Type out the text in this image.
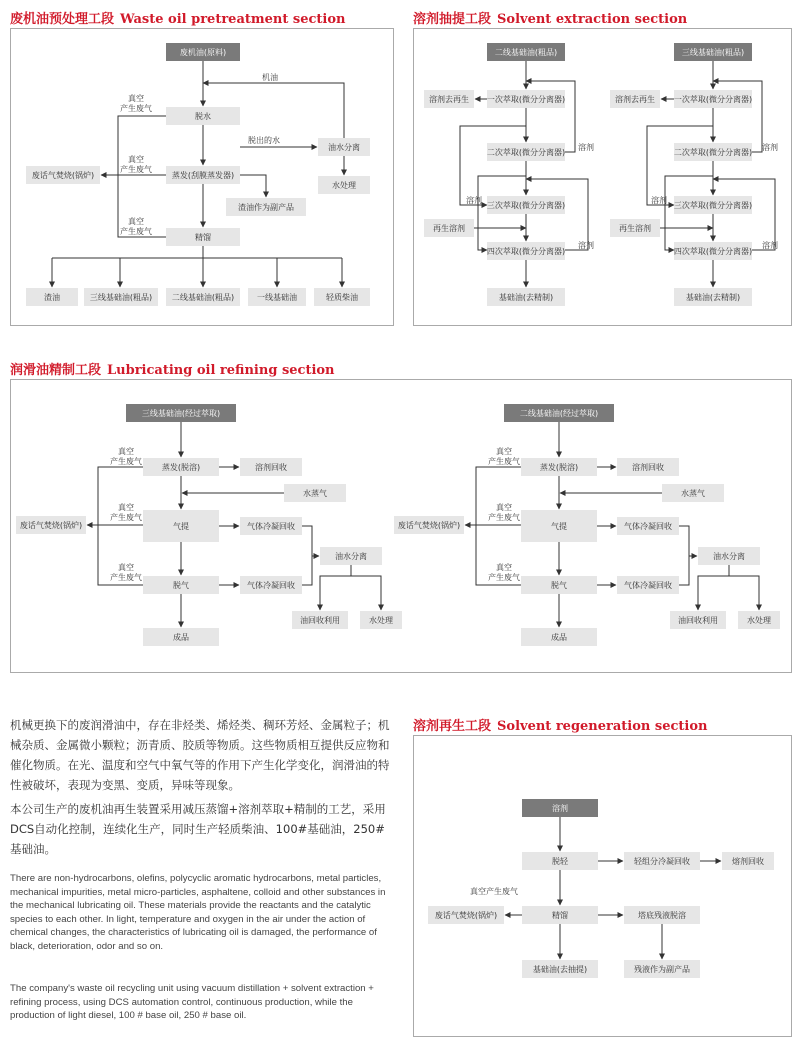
废机油预处理工段 Waste oil pretreatment section	溶剂抽提工段 Solvent extraction section
润滑油精制工段 Lubricating oil refining section
溶剂再生工段 Solvent regeneration section
废机油(原料)
脱水
蒸发(刮膜蒸发器)
精馏
油水分离
水处理
渣油作为副产品
废话气焚烧(锅炉)
机油
脱出的水
真空
产生废气
真空
产生废气
真空
产生废气
渣油	三线基础油(粗品) 二线基础油(粗品)	一线基础油	轻质柴油
二线基础油(粗品)
一次萃取(微分分离器)
二次萃取(微分分离器)
三次萃取(微分分离器)
四次萃取(微分分离器)
基础油(去精制)
溶剂去再生
再生溶剂
溶剂
溶剂
溶剂
三线基础油(粗品)
一次萃取(微分分离器)
二次萃取(微分分离器)
三次萃取(微分分离器)
四次萃取(微分分离器)
基础油(去精制)
溶剂去再生
再生溶剂
溶剂
溶剂
溶剂
三线基础油(经过萃取)
蒸发(脱溶)	溶剂回收
水蒸气
气提	气体冷凝回收
油水分离
脱气	气体冷凝回收
成品
油回收利用	水处理
废话气焚烧(锅炉)
真空
产生废气
真空
产生废气
真空
产生废气
二线基础油(经过萃取)
蒸发(脱溶)	溶剂回收
水蒸气
气提	气体冷凝回收
油水分离
脱气	气体冷凝回收
成品
油回收利用	水处理
废话气焚烧(锅炉)
真空
产生废气
真空
产生废气
真空
产生废气
溶剂
脱轻	轻组分冷凝回收	熔剂回收
精馏	塔底残液脱溶
废话气焚烧(锅炉)
基础油(去抽提)	残液作为副产品
真空产生废气

机械更换下的废润滑油中，存在非烃类、烯烃类、稠环芳烃、金属粒子；机械杂质、金属微小颗粒；沥青质、胶质等物质。这些物质相互提供反应物和催化物质。在光、温度和空气中氧气等的作用下产生化学变化，润滑油的特性被破坏，表现为变黑、变质，异味等现象。

本公司生产的废机油再生装置采用减压蒸馏+溶剂萃取+精制的工艺，采用DCS自动化控制，连续化生产，同时生产轻质柴油、100#基础油，250#基础油。

There are non-hydrocarbons, olefins, polycyclic aromatic hydrocarbons, metal particles, mechanical impurities, metal micro-particles, asphaltene, colloid and other substances in the mechanical lubricating oil. These materials provide the reactants and the catalytic species to each other. In light, temperature and oxygen in the air under the action of chemical changes, the characteristics of lubricating oil is damaged, the performance of black, deterioration, odor and so on.

The company's waste oil recycling unit using vacuum distillation + solvent extraction + refining process, using DCS automation control, continuous production, while the production of light diesel, 100 # base oil, 250 # base oil.
